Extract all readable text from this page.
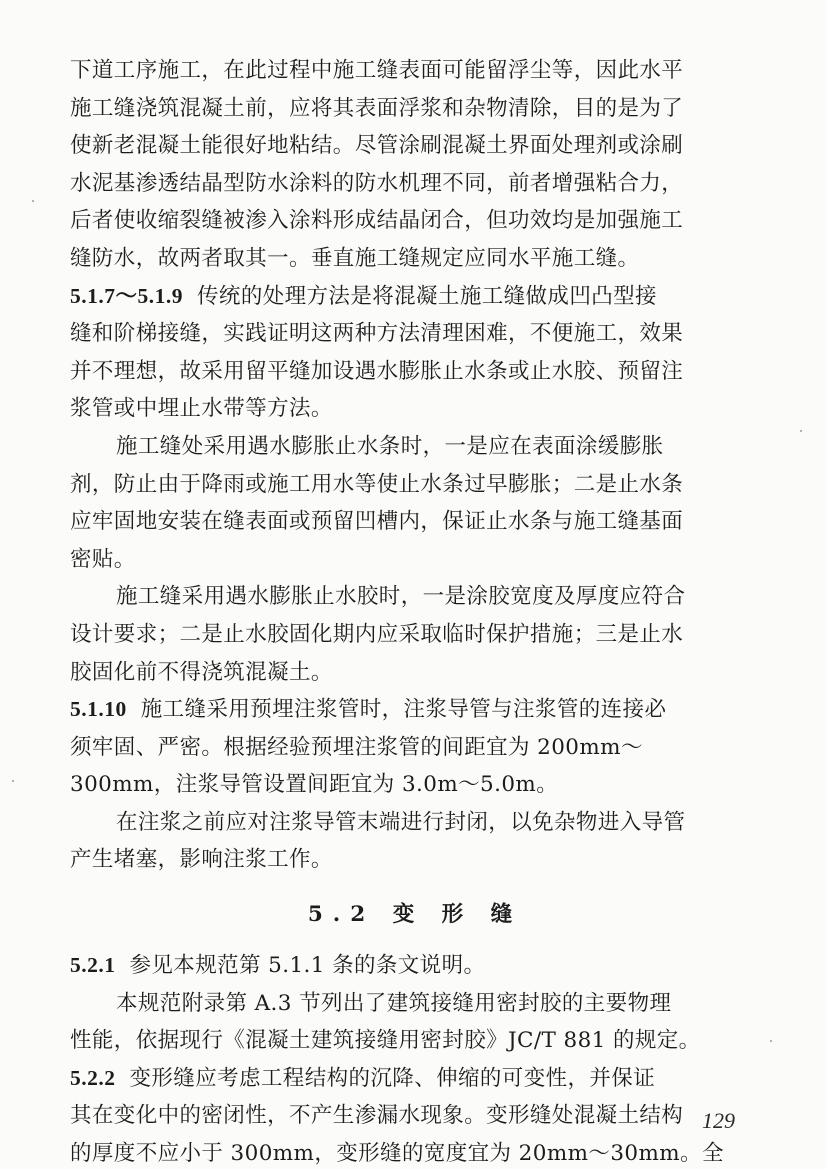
下道工序施工，在此过程中施工缝表面可能留浮尘等，因此水平
施工缝浇筑混凝土前，应将其表面浮浆和杂物清除，目的是为了
使新老混凝土能很好地粘结。尽管涂刷混凝土界面处理剂或涂刷
水泥基渗透结晶型防水涂料的防水机理不同，前者增强粘合力，
后者使收缩裂缝被渗入涂料形成结晶闭合，但功效均是加强施工
缝防水，故两者取其一。垂直施工缝规定应同水平施工缝。
5.1.7～5.1.9 传统的处理方法是将混凝土施工缝做成凹凸型接
缝和阶梯接缝，实践证明这两种方法清理困难，不便施工，效果
并不理想，故采用留平缝加设遇水膨胀止水条或止水胶、预留注
浆管或中埋止水带等方法。
施工缝处采用遇水膨胀止水条时，一是应在表面涂缓膨胀
剂，防止由于降雨或施工用水等使止水条过早膨胀；二是止水条
应牢固地安装在缝表面或预留凹槽内，保证止水条与施工缝基面
密贴。
施工缝采用遇水膨胀止水胶时，一是涂胶宽度及厚度应符合
设计要求；二是止水胶固化期内应采取临时保护措施；三是止水
胶固化前不得浇筑混凝土。
5.1.10 施工缝采用预埋注浆管时，注浆导管与注浆管的连接必
须牢固、严密。根据经验预埋注浆管的间距宜为 200mm～
300mm，注浆导管设置间距宜为 3.0m～5.0m。
在注浆之前应对注浆导管末端进行封闭，以免杂物进入导管
产生堵塞，影响注浆工作。
5.2 变 形 缝
5.2.1 参见本规范第 5.1.1 条的条文说明。
本规范附录第 A.3 节列出了建筑接缝用密封胶的主要物理
性能，依据现行《混凝土建筑接缝用密封胶》JC/T 881 的规定。
5.2.2 变形缝应考虑工程结构的沉降、伸缩的可变性，并保证
其在变化中的密闭性，不产生渗漏水现象。变形缝处混凝土结构
的厚度不应小于 300mm，变形缝的宽度宜为 20mm～30mm。全
129
